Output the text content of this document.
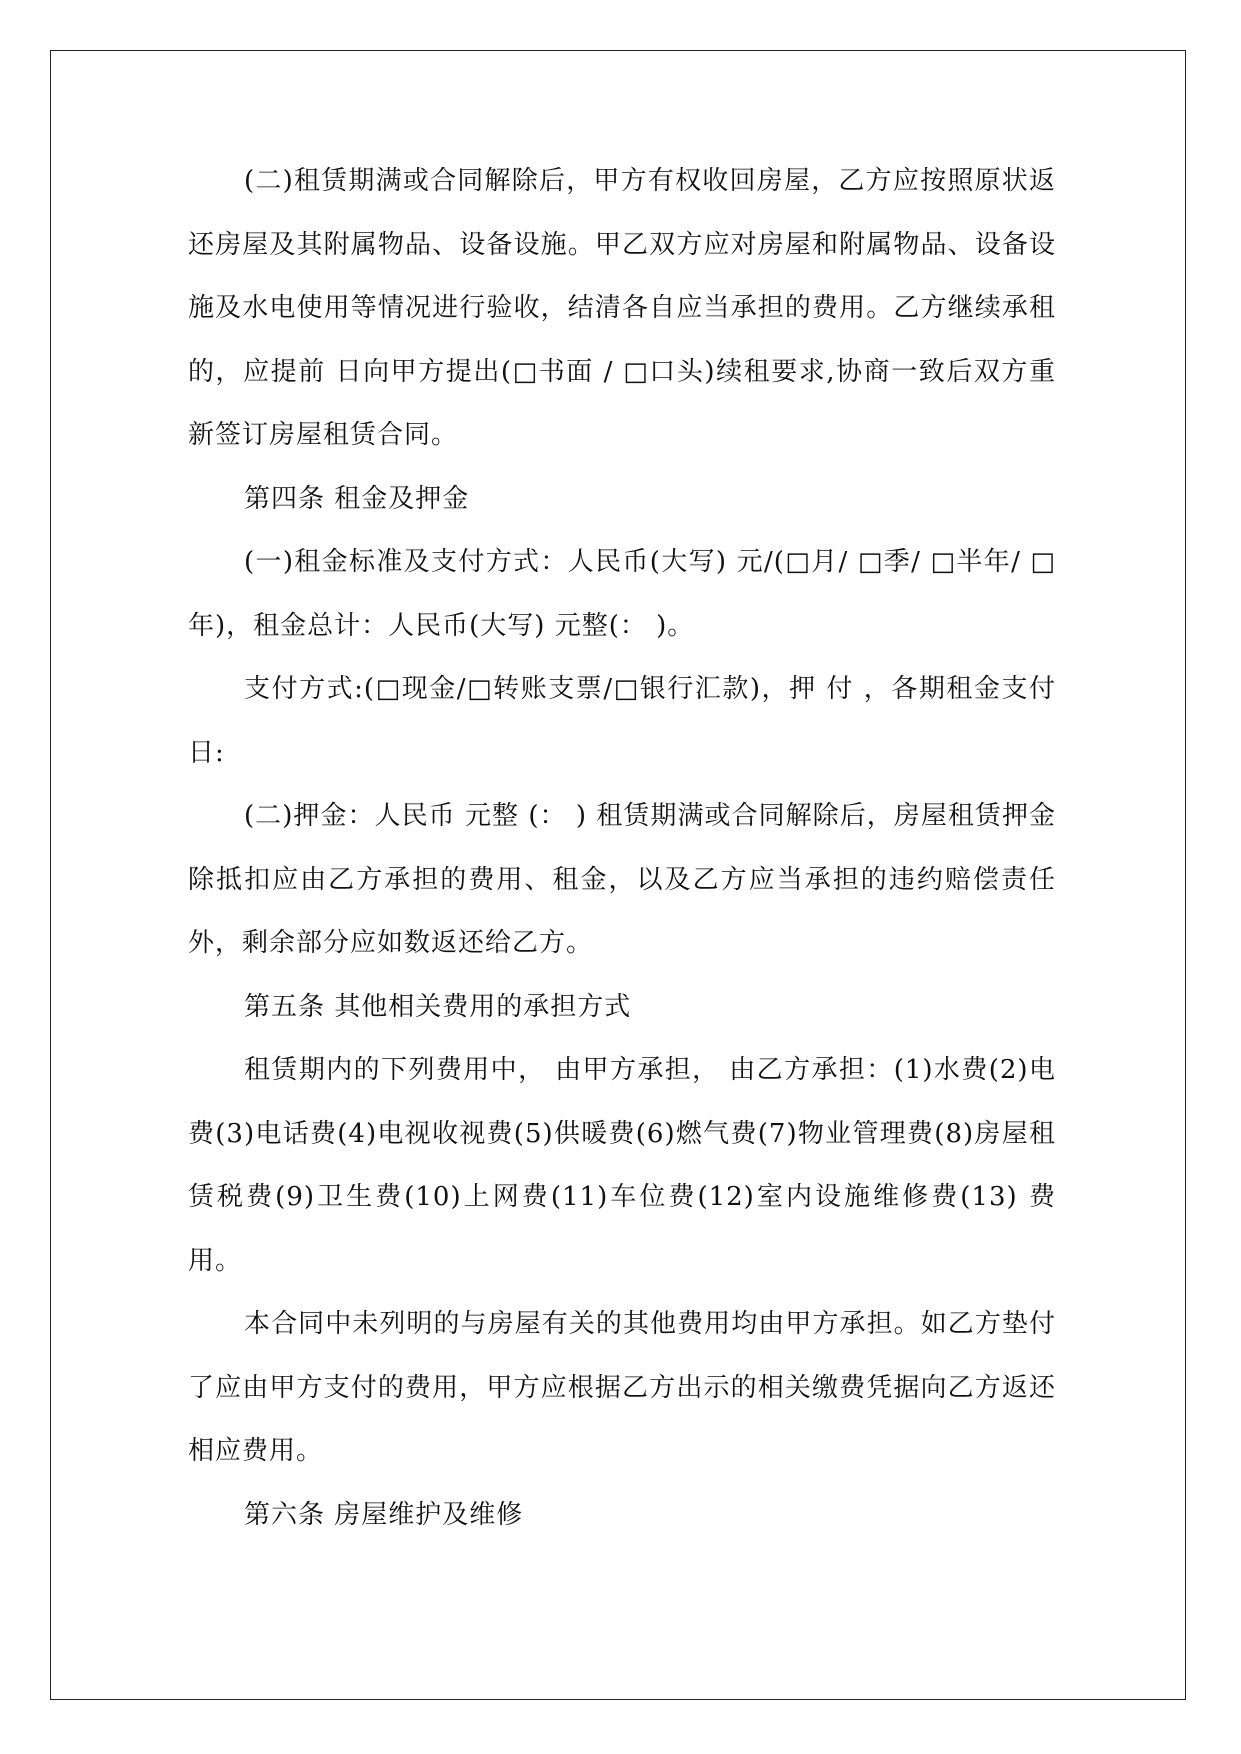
(二)租赁期满或合同解除后，甲方有权收回房屋，乙方应按照原状返还房屋及其附属物品、设备设施。甲乙双方应对房屋和附属物品、设备设施及水电使用等情况进行验收，结清各自应当承担的费用。乙方继续承租的，应提前 日向甲方提出(□书面 / □口头)续租要求,协商一致后双方重新签订房屋租赁合同。

第四条 租金及押金

(一)租金标准及支付方式：人民币(大写) 元/(□月/ □季/ □半年/ □年)，租金总计：人民币(大写) 元整(： )。

支付方式:(□现金/□转账支票/□银行汇款)，押 付 ，各期租金支付日:

(二)押金：人民币 元整 (： ) 租赁期满或合同解除后，房屋租赁押金除抵扣应由乙方承担的费用、租金，以及乙方应当承担的违约赔偿责任外，剩余部分应如数返还给乙方。

第五条 其他相关费用的承担方式

租赁期内的下列费用中， 由甲方承担， 由乙方承担：(1)水费(2)电费(3)电话费(4)电视收视费(5)供暖费(6)燃气费(7)物业管理费(8)房屋租赁税费(9)卫生费(10)上网费(11)车位费(12)室内设施维修费(13) 费用。

本合同中未列明的与房屋有关的其他费用均由甲方承担。如乙方垫付了应由甲方支付的费用，甲方应根据乙方出示的相关缴费凭据向乙方返还相应费用。

第六条 房屋维护及维修
